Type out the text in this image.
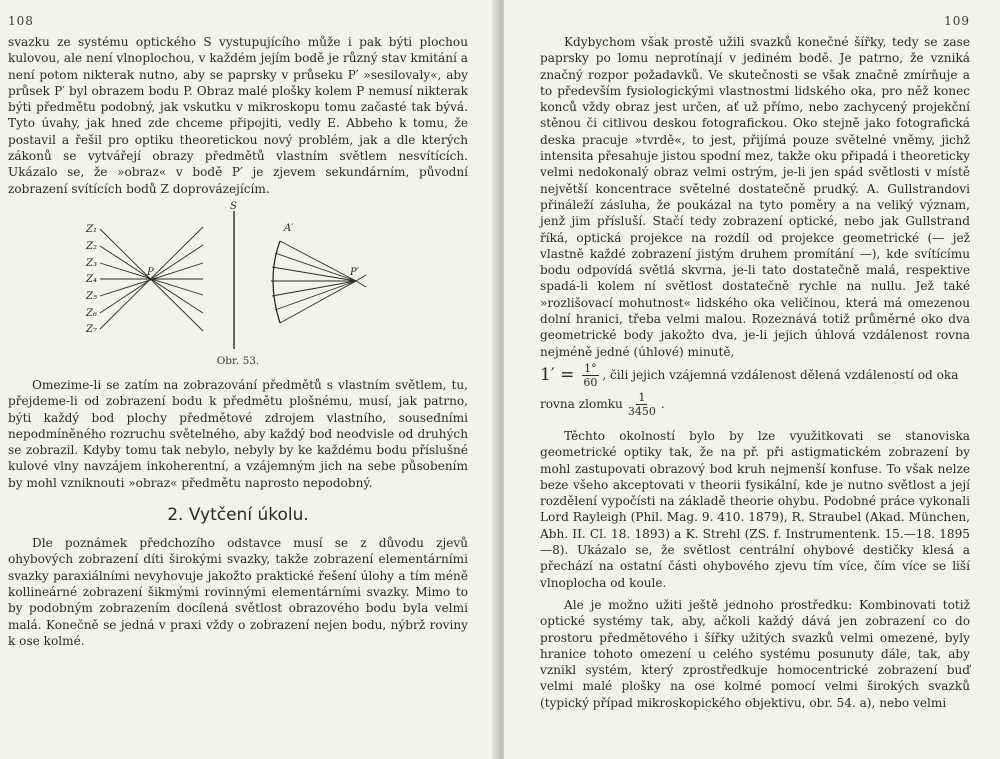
108

svazku ze systému optického S vystupujícího může i pak býti plochou kulovou, ale není vlnoplochou, v každém jejím bodě je různý stav kmitání a není potom nikterak nutno, aby se paprsky v průseku P′ »sesilovaly«, aby průsek P′ byl obrazem bodu P. Obraz malé plošky kolem P nemusí nikterak býti předmětu podobný, jak vskutku v mikroskopu tomu začasté tak bývá. Tyto úvahy, jak hned zde chceme připojiti, vedly E. Abbeho k tomu, že postavil a řešil pro optiku theoretickou nový problém, jak a dle kterých zákonů se vytvářejí obrazy předmětů vlastním světlem nesvítících. Ukázalo se, že »obraz« v bodě P′ je zjevem sekundárním, původní zobrazení svítících bodů Z doprovázejícím.

Z₁
Z₂
Z₃
Z₄
Z₅
Z₆
Z₇
P
S
A′
P′
Obr. 53.

Omezime-li se zatím na zobrazování předmětů s vlastním světlem, tu, přejdeme-li od zobrazení bodu k předmětu plošnému, musí, jak patrno, býti každý bod plochy předmětové zdrojem vlastního, sousedními nepodmíněného rozruchu světelného, aby každý bod neodvisle od druhých se zobrazil. Kdyby tomu tak nebylo, nebyly by ke každému bodu příslušné kulové vlny navzájem inkoherentní, a vzájemným jich na sebe působením by mohl vzniknouti »obraz« předmětu naprosto nepodobný.

2. Vytčení úkolu.

Dle poznámek předchozího odstavce musí se z důvodu zjevů ohybových zobrazení díti širokými svazky, takže zobrazení elementárními svazky paraxiálními nevyhovuje jakožto praktické řešení úlohy a tím méně kollineárné zobrazení šikmými rovinnými elementárními svazky. Mimo to by podobným zobrazením docílená světlost obrazového bodu byla velmi malá. Konečně se jedná v praxi vždy o zobrazení nejen bodu, nýbrž roviny k ose kolmé.

109

Kdybychom však prostě užili svazků konečné šířky, tedy se zase paprsky po lomu neprotínají v jediném bodě. Je patrno, že vzniká značný rozpor požadavků. Ve skutečnosti se však značně zmírňuje a to především fysiologickými vlastnostmi lidského oka, pro něž konec konců vždy obraz jest určen, ať už přímo, nebo zachycený projekční stěnou či citlivou deskou fotografickou. Oko stejně jako fotografická deska pracuje »tvrdě«, to jest, přijímá pouze světelné vněmy, jichž intensita přesahuje jistou spodní mez, takže oku připadá i theoreticky velmi nedokonalý obraz velmi ostrým, je-li jen spád světlosti v místě největší koncentrace světelné dostatečně prudký. A. Gullstrandovi přináleží zásluha, že poukázal na tyto poměry a na veliký význam, jenž jim přísluší. Stačí tedy zobrazení optické, nebo jak Gullstrand říká, optická projekce na rozdíl od projekce geometrické (— jež vlastně každé zobrazení jistým druhem promítání —), kde svítícímu bodu odpovídá světlá skvrna, je-li tato dostatečně malá, respektive spadá-li kolem ní světlost dostatečně rychle na nullu. Jež také »rozlišovací mohutnost« lidského oka veličinou, která má omezenou dolní hranici, třeba velmi malou. Rozeznává totiž průměrné oko dva geometrické body jakožto dva, je-li jejich úhlová vzdálenost rovna nejméně jedné (úhlové) minutě,

$1' = \frac{1^\circ}{60}$ , čili jejich vzájemná vzdálenost dělená vzdáleností od oka
rovna zlomku $\frac{1}{3450}$ .

Těchto okolností bylo by lze využitkovati se stanoviska geometrické optiky tak, že na př. při astigmatickém zobrazení by mohl zastupovati obrazový bod kruh nejmenší konfuse. To však nelze beze všeho akceptovati v theorii fysikální, kde je nutno světlost a její rozdělení vypočísti na základě theorie ohybu. Podobné práce vykonali Lord Rayleigh (Phil. Mag. 9. 410. 1879), R. Straubel (Akad. München, Abh. II. Cl. 18. 1893) a K. Strehl (ZS. f. Instrumentenk. 15.—18. 1895—8). Ukázalo se, že světlost centrální ohybové destičky klesá a přechází na ostatní části ohybového zjevu tím více, čím více se liší vlnoplocha od koule.

Ale je možno užiti ještě jednoho prostředku: Kombinovati totiž optické systémy tak, aby, ačkoli každý dává jen zobrazení co do prostoru předmětového i šířky užitých svazků velmi omezené, byly hranice tohoto omezení u celého systému posunuty dále, tak, aby vznikl systém, který zprostředkuje homocentrické zobrazení buď velmi malé plošky na ose kolmé pomocí velmi širokých svazků (typický případ mikroskopického objektivu, obr. 54. a), nebo velmi
